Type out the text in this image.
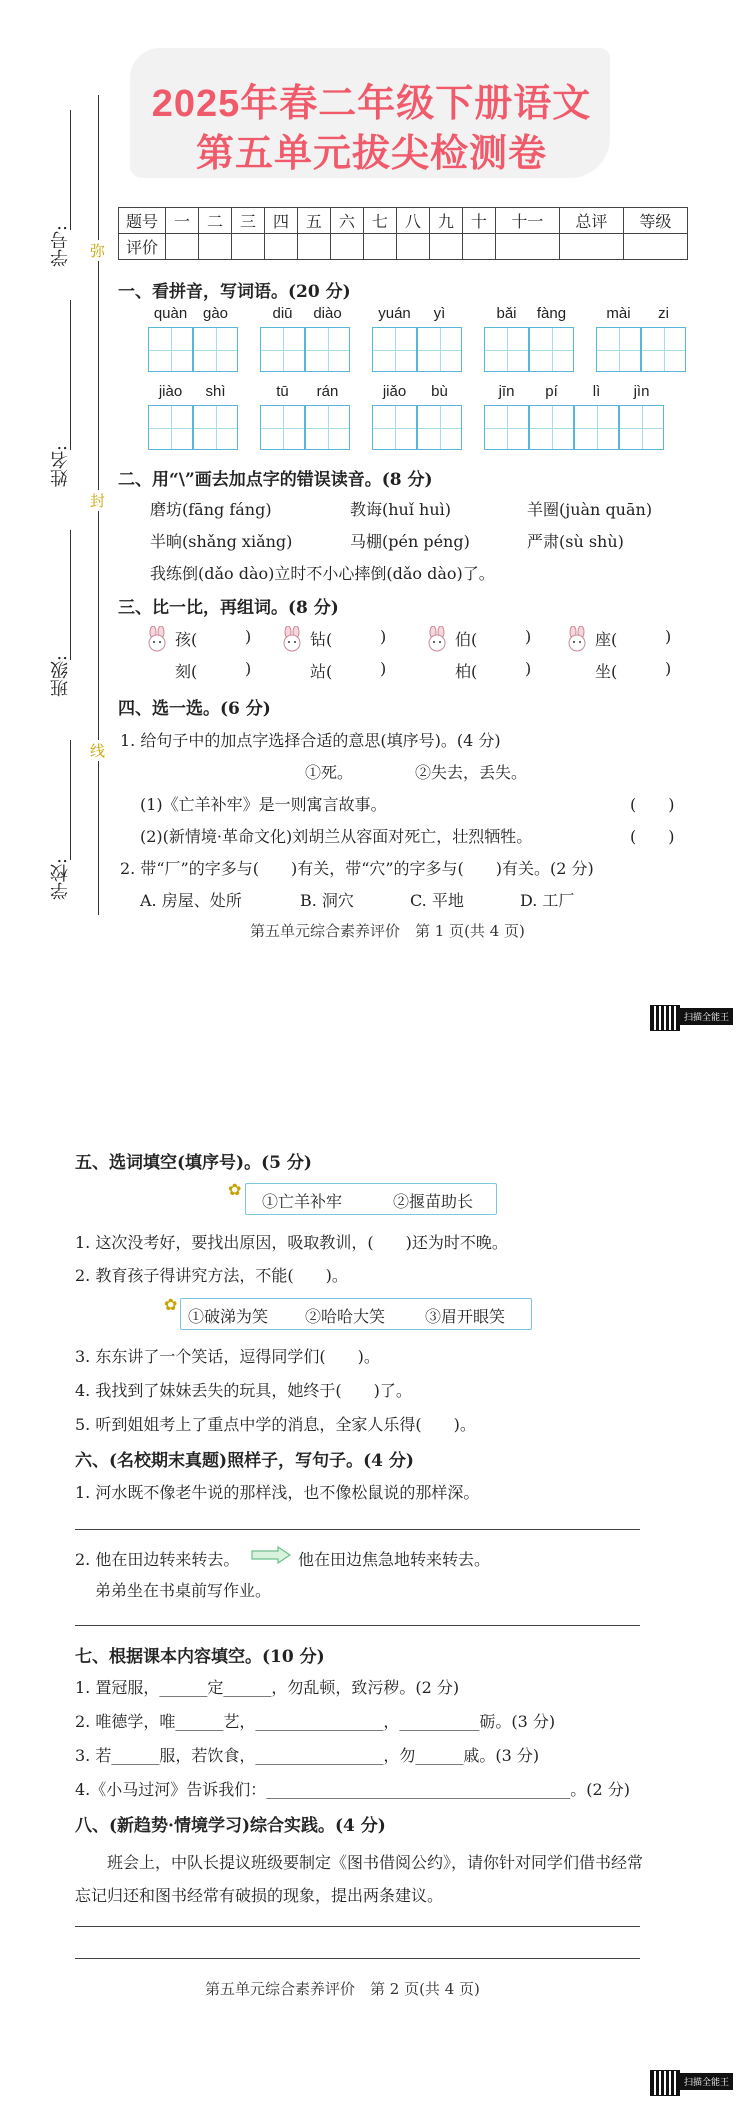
2025年春二年级下册语文
第五单元拔尖检测卷
弥
封
线
学号:
姓名:
班级:
学校:
题号	一	二	三	四	五	六	七	八	九	十	十一	总评	等级
评价													
一、看拼音，写词语。(20 分)
quàn	gào	diū	diào	yuán	yì	bǎi	fàng	mài	zi
jiào	shì	tū	rán	jiǎo	bù	jīn	pí	lì	jìn
二、用“\”画去加点字的错误读音。(8 分)
磨坊(fāng fáng)	教诲(huǐ huì)	羊圈(juàn quān)
半晌(shǎng xiǎng)	马棚(pén péng)	严肃(sù shù)
我练倒(dǎo dào)立时不小心摔倒(dǎo dào)了。
三、比一比，再组词。(8 分)
孩(	)
刻(	)
钻(	)
站(	)
伯(	)
柏(	)
座(	)
坐(	)
四、选一选。(6 分)
1. 给句子中的加点字选择合适的意思(填序号)。(4 分)
①死。	②失去，丢失。
(1)《亡羊补牢》是一则寓言故事。	(　　)
(2)(新情境·革命文化)刘胡兰从容面对死亡，壮烈牺牲。	(　　)
2. 带“厂”的字多与(　　)有关，带“穴”的字多与(　　)有关。(2 分)
A. 房屋、处所	B. 洞穴	C. 平地	D. 工厂
第五单元综合素养评价　第 1 页(共 4 页)
扫描全能王
五、选词填空(填序号)。(5 分)
✿
①亡羊补牢	②揠苗助长
1. 这次没考好，要找出原因，吸取教训，(　　)还为时不晚。
2. 教育孩子得讲究方法，不能(　　)。
✿
①破涕为笑 ②哈哈大笑 ③眉开眼笑
3. 东东讲了一个笑话，逗得同学们(　　)。
4. 我找到了妹妹丢失的玩具，她终于(　　)了。
5. 听到姐姐考上了重点中学的消息，全家人乐得(　　)。
六、(名校期末真题)照样子，写句子。(4 分)
1. 河水既不像老牛说的那样浅，也不像松鼠说的那样深。
2. 他在田边转来转去。	他在田边焦急地转来转去。
弟弟坐在书桌前写作业。
七、根据课本内容填空。(10 分)
1. 置冠服，______定______，勿乱顿，致污秽。(2 分)
2. 唯德学，唯______艺，________________，__________砺。(3 分)
3. 若______服，若饮食，________________，勿______戚。(3 分)
4.《小马过河》告诉我们：______________________________________。(2 分)
八、(新趋势·情境学习)综合实践。(4 分)
班会上，中队长提议班级要制定《图书借阅公约》，请你针对同学们借书经常忘记归还和图书经常有破损的现象，提出两条建议。
第五单元综合素养评价　第 2 页(共 4 页)
扫描全能王
